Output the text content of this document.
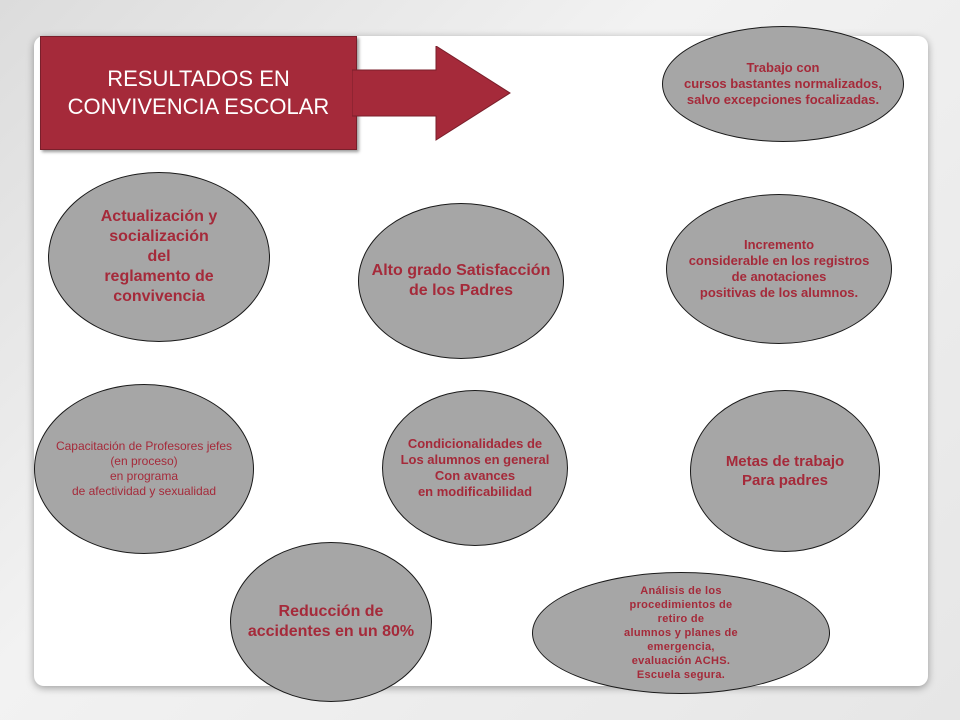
RESULTADOS EN
CONVIVENCIA ESCOLAR
Trabajo con
cursos bastantes normalizados,
salvo excepciones focalizadas.
Actualización y
socialización
del
reglamento de
convivencia
Alto grado Satisfacción
de los Padres
Incremento
considerable en los registros
de anotaciones
positivas de los alumnos.
Capacitación de Profesores jefes
(en proceso)
en programa
de afectividad y sexualidad
Condicionalidades de
Los alumnos en general
Con avances
en modificabilidad
Metas de trabajo
Para padres
Reducción de
accidentes en un 80%
Análisis de los
procedimientos de
retiro de
alumnos y planes de
emergencia,
evaluación ACHS.
Escuela segura.
